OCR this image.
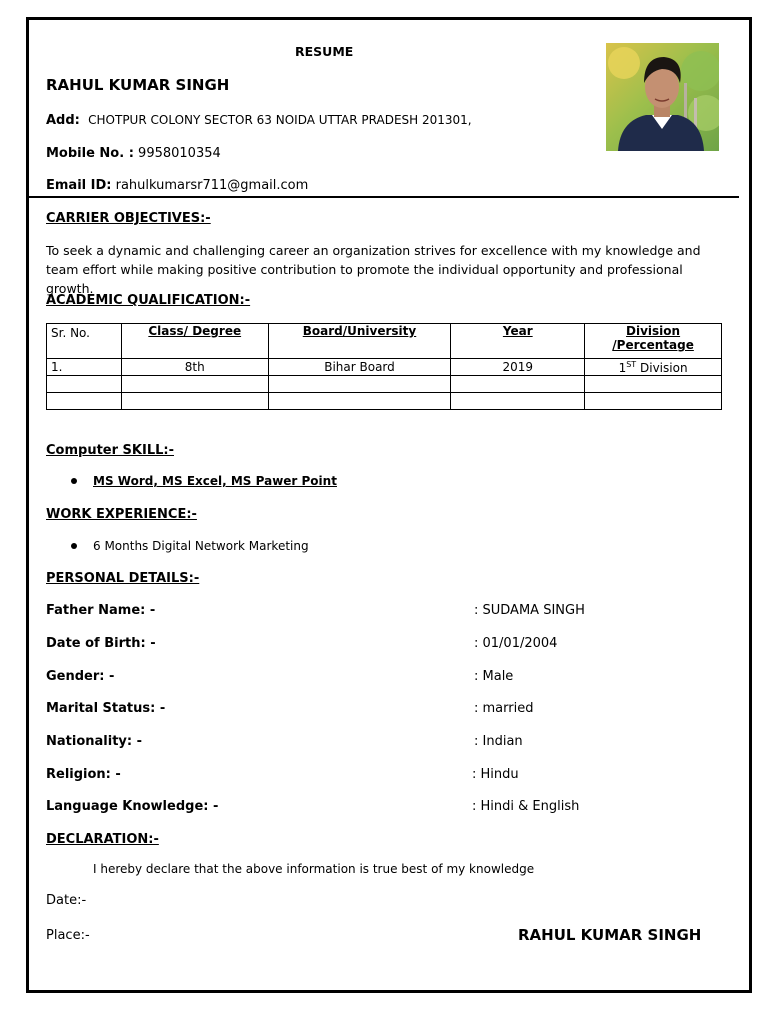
RESUME
RAHUL KUMAR SINGH
Add: CHOTPUR COLONY SECTOR 63 NOIDA UTTAR PRADESH 201301,
Mobile No. : 9958010354
Email ID: rahulkumarsr711@gmail.com
CARRIER OBJECTIVES:-
To seek a dynamic and challenging career an organization strives for excellence with my knowledge and team effort while making positive contribution to promote the individual opportunity and professional growth.
ACADEMIC QUALIFICATION:-
Sr. No.	Class/ Degree	Board/University	Year	Division
/Percentage
1.	8th	Bihar Board	2019	1ST Division

Computer SKILL:-
MS Word, MS Excel, MS Pawer Point
WORK EXPERIENCE:-
6 Months Digital Network Marketing
PERSONAL DETAILS:-
Father Name: -	: SUDAMA SINGH
Date of Birth: -	: 01/01/2004
Gender: -	: Male
Marital Status: -	: married
Nationality: -	: Indian
Religion: -	: Hindu
Language Knowledge: -	: Hindi & English
DECLARATION:-
I hereby declare that the above information is true best of my knowledge
Date:-
Place:-	RAHUL KUMAR SINGH
